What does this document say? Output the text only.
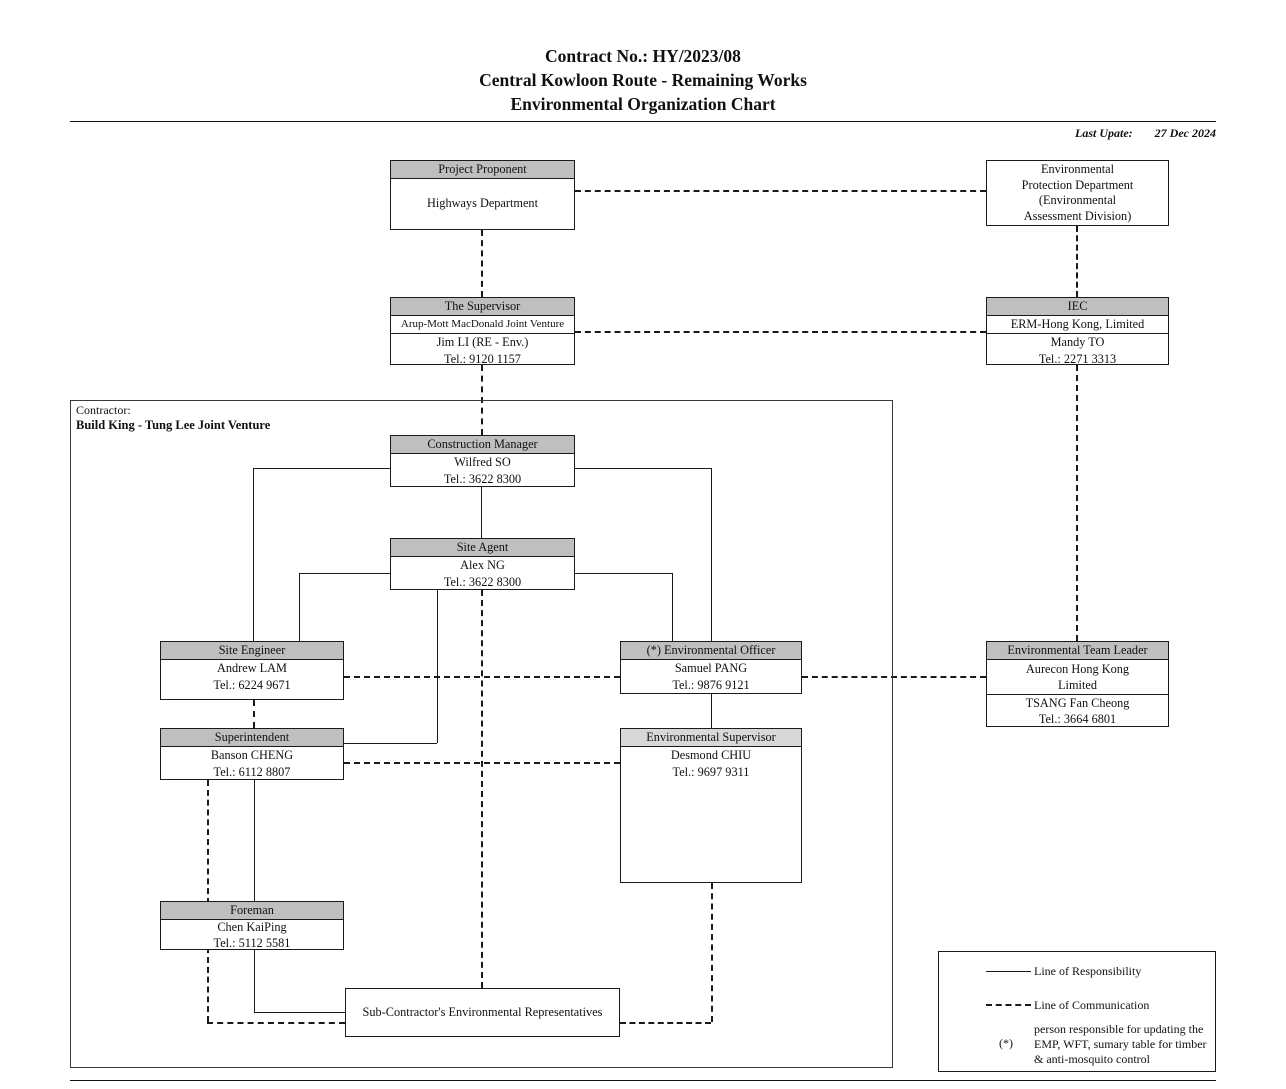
Contract No.: HY/2023/08
Central Kowloon Route - Remaining Works
Environmental Organization Chart
Last Upate: 27 Dec 2024
Contractor:
Build King - Tung Lee Joint Venture
Project Proponent
Highways Department
Environmental
Protection Department
(Environmental
Assessment Division)
The Supervisor
Arup-Mott MacDonald Joint Venture
Jim LI (RE - Env.)
Tel.: 9120 1157
IEC
ERM-Hong Kong, Limited
Mandy TO
Tel.: 2271 3313
Construction Manager
Wilfred SO
Tel.: 3622 8300
Site Agent
Alex NG
Tel.: 3622 8300
Site Engineer
Andrew LAM
Tel.: 6224 9671
(*) Environmental Officer
Samuel PANG
Tel.: 9876 9121
Environmental Team Leader
Aurecon Hong Kong
Limited
TSANG Fan Cheong
Tel.: 3664 6801
Superintendent
Banson CHENG
Tel.: 6112 8807
Environmental Supervisor
Desmond CHIU
Tel.: 9697 9311
Foreman
Chen KaiPing
Tel.: 5112 5581
Sub-Contractor's Environmental Representatives
Line of Responsibility
Line of Communication
(*)
person responsible for updating the
EMP, WFT, sumary table for timber
& anti-mosquito control
